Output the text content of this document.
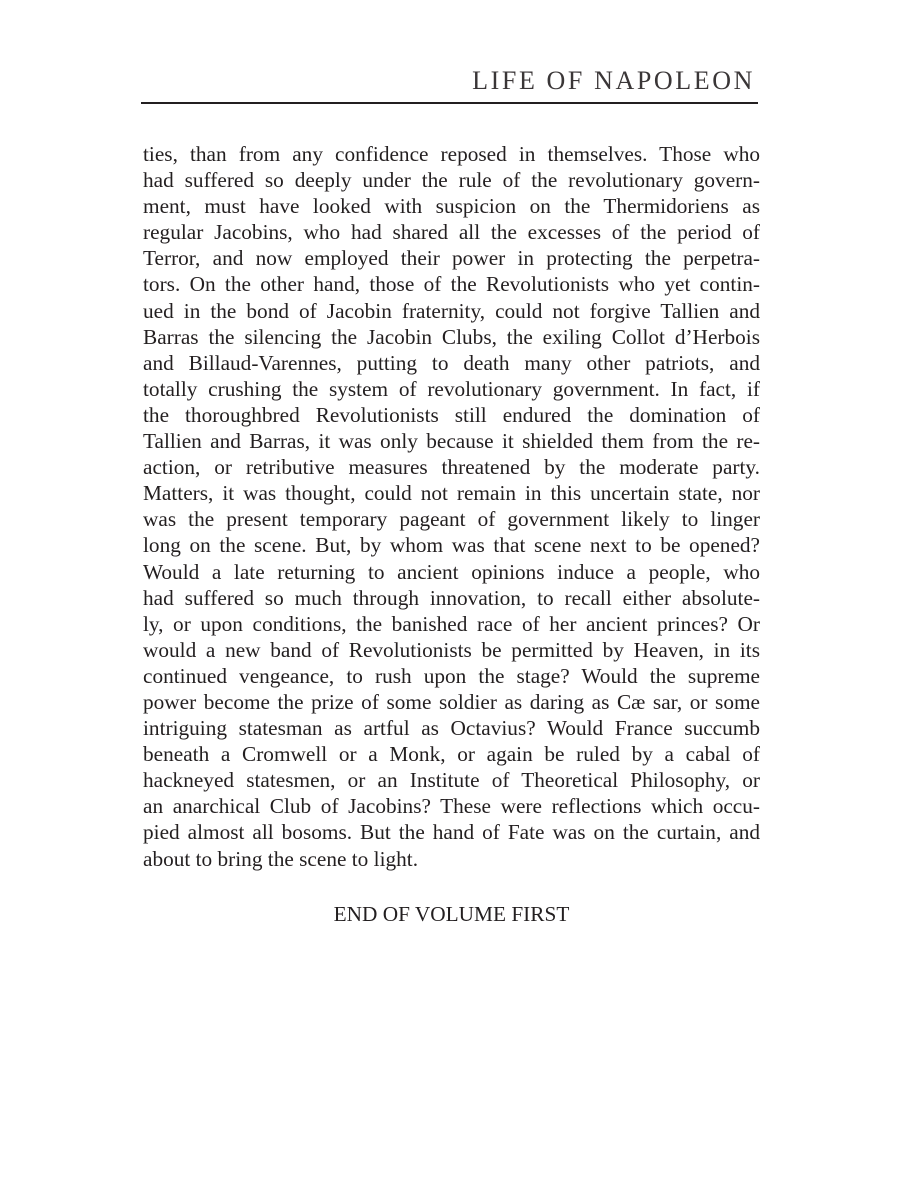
LIFE OF NAPOLEON
ties, than from any confidence reposed in themselves. Those who
had suffered so deeply under the rule of the revolutionary govern-
ment, must have looked with suspicion on the Thermidoriens as
regular Jacobins, who had shared all the excesses of the period of
Terror, and now employed their power in protecting the perpetra-
tors. On the other hand, those of the Revolutionists who yet contin-
ued in the bond of Jacobin fraternity, could not forgive Tallien and
Barras the silencing the Jacobin Clubs, the exiling Collot d’Herbois
and Billaud-Varennes, putting to death many other patriots, and
totally crushing the system of revolutionary government. In fact, if
the thoroughbred Revolutionists still endured the domination of
Tallien and Barras, it was only because it shielded them from the re-
action, or retributive measures threatened by the moderate party.
Matters, it was thought, could not remain in this uncertain state, nor
was the present temporary pageant of government likely to linger
long on the scene. But, by whom was that scene next to be opened?
Would a late returning to ancient opinions induce a people, who
had suffered so much through innovation, to recall either absolute-
ly, or upon conditions, the banished race of her ancient princes? Or
would a new band of Revolutionists be permitted by Heaven, in its
continued vengeance, to rush upon the stage? Would the supreme
power become the prize of some soldier as daring as Cæ sar, or some
intriguing statesman as artful as Octavius? Would France succumb
beneath a Cromwell or a Monk, or again be ruled by a cabal of
hackneyed statesmen, or an Institute of Theoretical Philosophy, or
an anarchical Club of Jacobins? These were reflections which occu-
pied almost all bosoms. But the hand of Fate was on the curtain, and
about to bring the scene to light.
END OF VOLUME FIRST
